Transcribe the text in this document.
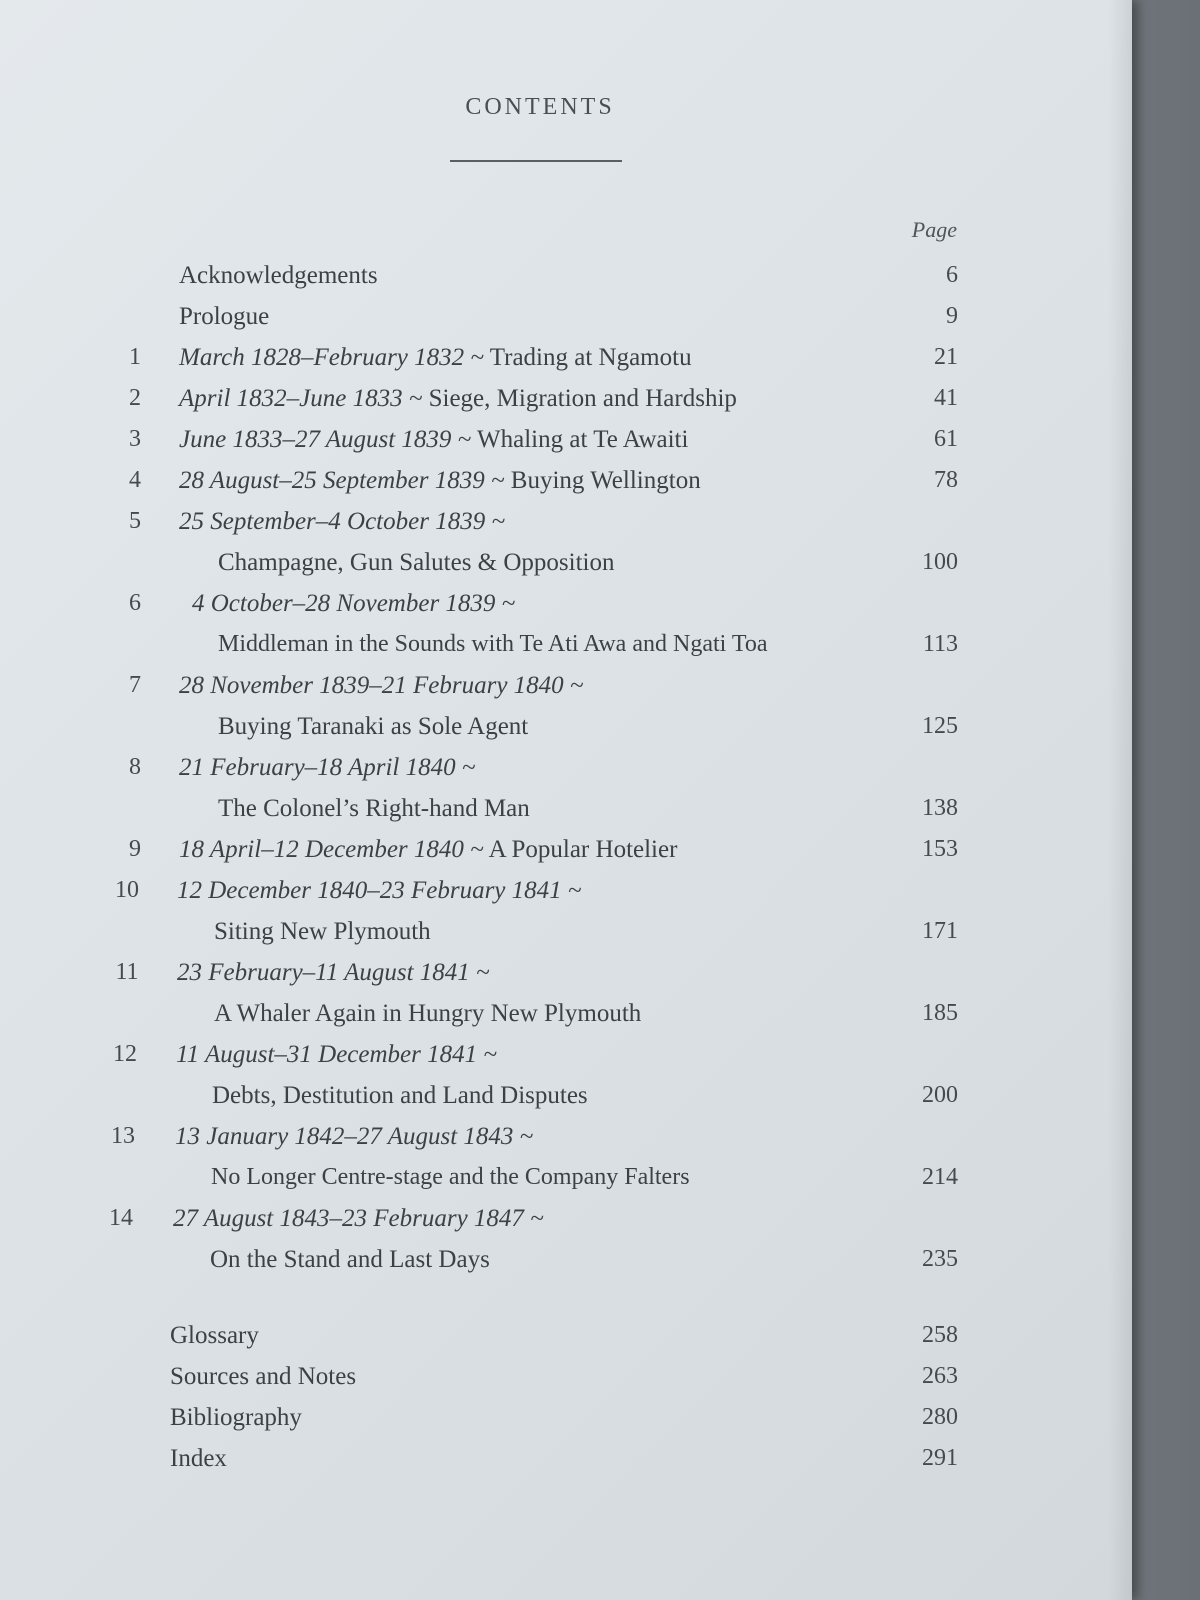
CONTENTS
Page
Acknowledgements	6
Prologue	9
1	March 1828–February 1832 ~ Trading at Ngamotu	21
2	April 1832–June 1833 ~ Siege, Migration and Hardship	41
3	June 1833–27 August 1839 ~ Whaling at Te Awaiti	61
4	28 August–25 September 1839 ~ Buying Wellington	78
5	25 September–4 October 1839 ~
Champagne, Gun Salutes & Opposition	100
6	4 October–28 November 1839 ~
Middleman in the Sounds with Te Ati Awa and Ngati Toa	113
7	28 November 1839–21 February 1840 ~
Buying Taranaki as Sole Agent	125
8	21 February–18 April 1840 ~
The Colonel’s Right-hand Man	138
9	18 April–12 December 1840 ~ A Popular Hotelier	153
10 12 December 1840–23 February 1841 ~
Siting New Plymouth	171
11 23 February–11 August 1841 ~
A Whaler Again in Hungry New Plymouth	185
12 11 August–31 December 1841 ~
Debts, Destitution and Land Disputes	200
13 13 January 1842–27 August 1843 ~
No Longer Centre-stage and the Company Falters	214
14 27 August 1843–23 February 1847 ~
On the Stand and Last Days	235
Glossary	258
Sources and Notes	263
Bibliography	280
Index	291
